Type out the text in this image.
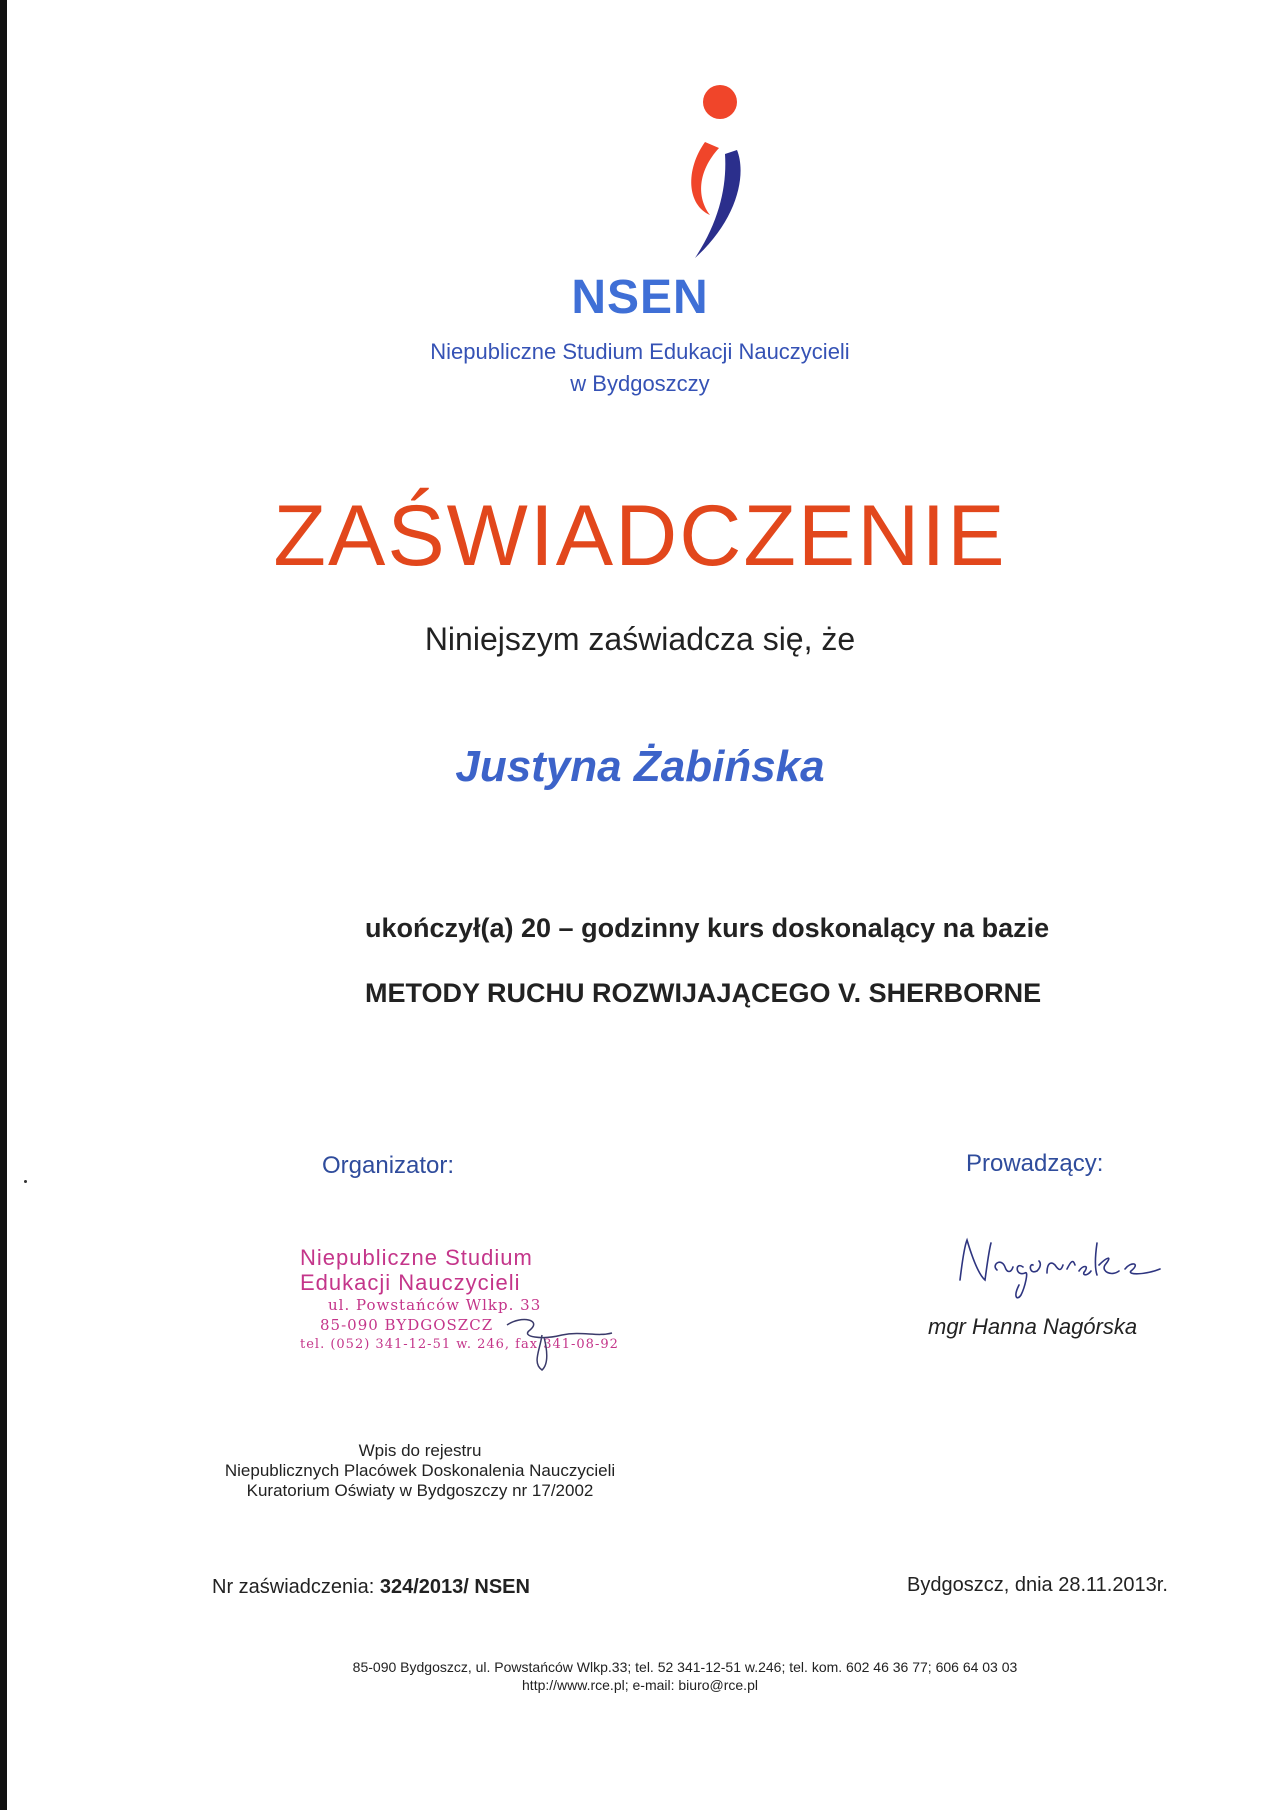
NSEN
Niepubliczne Studium Edukacji Nauczycieli
w Bydgoszczy
ZAŚWIADCZENIE
Niniejszym zaświadcza się, że
Justyna Żabińska
ukończył(a) 20 – godzinny kurs doskonalący na bazie
METODY RUCHU ROZWIJAJĄCEGO V. SHERBORNE
Organizator:	Prowadzący:
Niepubliczne Studium
Edukacji Nauczycieli
ul. Powstańców Wlkp. 33
85-090 BYDGOSZCZ
tel. (052) 341-12-51 w. 246, fax 341-08-92
mgr Hanna Nagórska
Wpis do rejestru
Niepublicznych Placówek Doskonalenia Nauczycieli
Kuratorium Oświaty w Bydgoszczy nr 17/2002
Nr zaświadczenia: 324/2013/ NSEN	Bydgoszcz, dnia 28.11.2013r.
85-090 Bydgoszcz, ul. Powstańców Wlkp.33; tel. 52 341-12-51 w.246; tel. kom. 602 46 36 77; 606 64 03 03
http://www.rce.pl; e-mail: biuro@rce.pl
